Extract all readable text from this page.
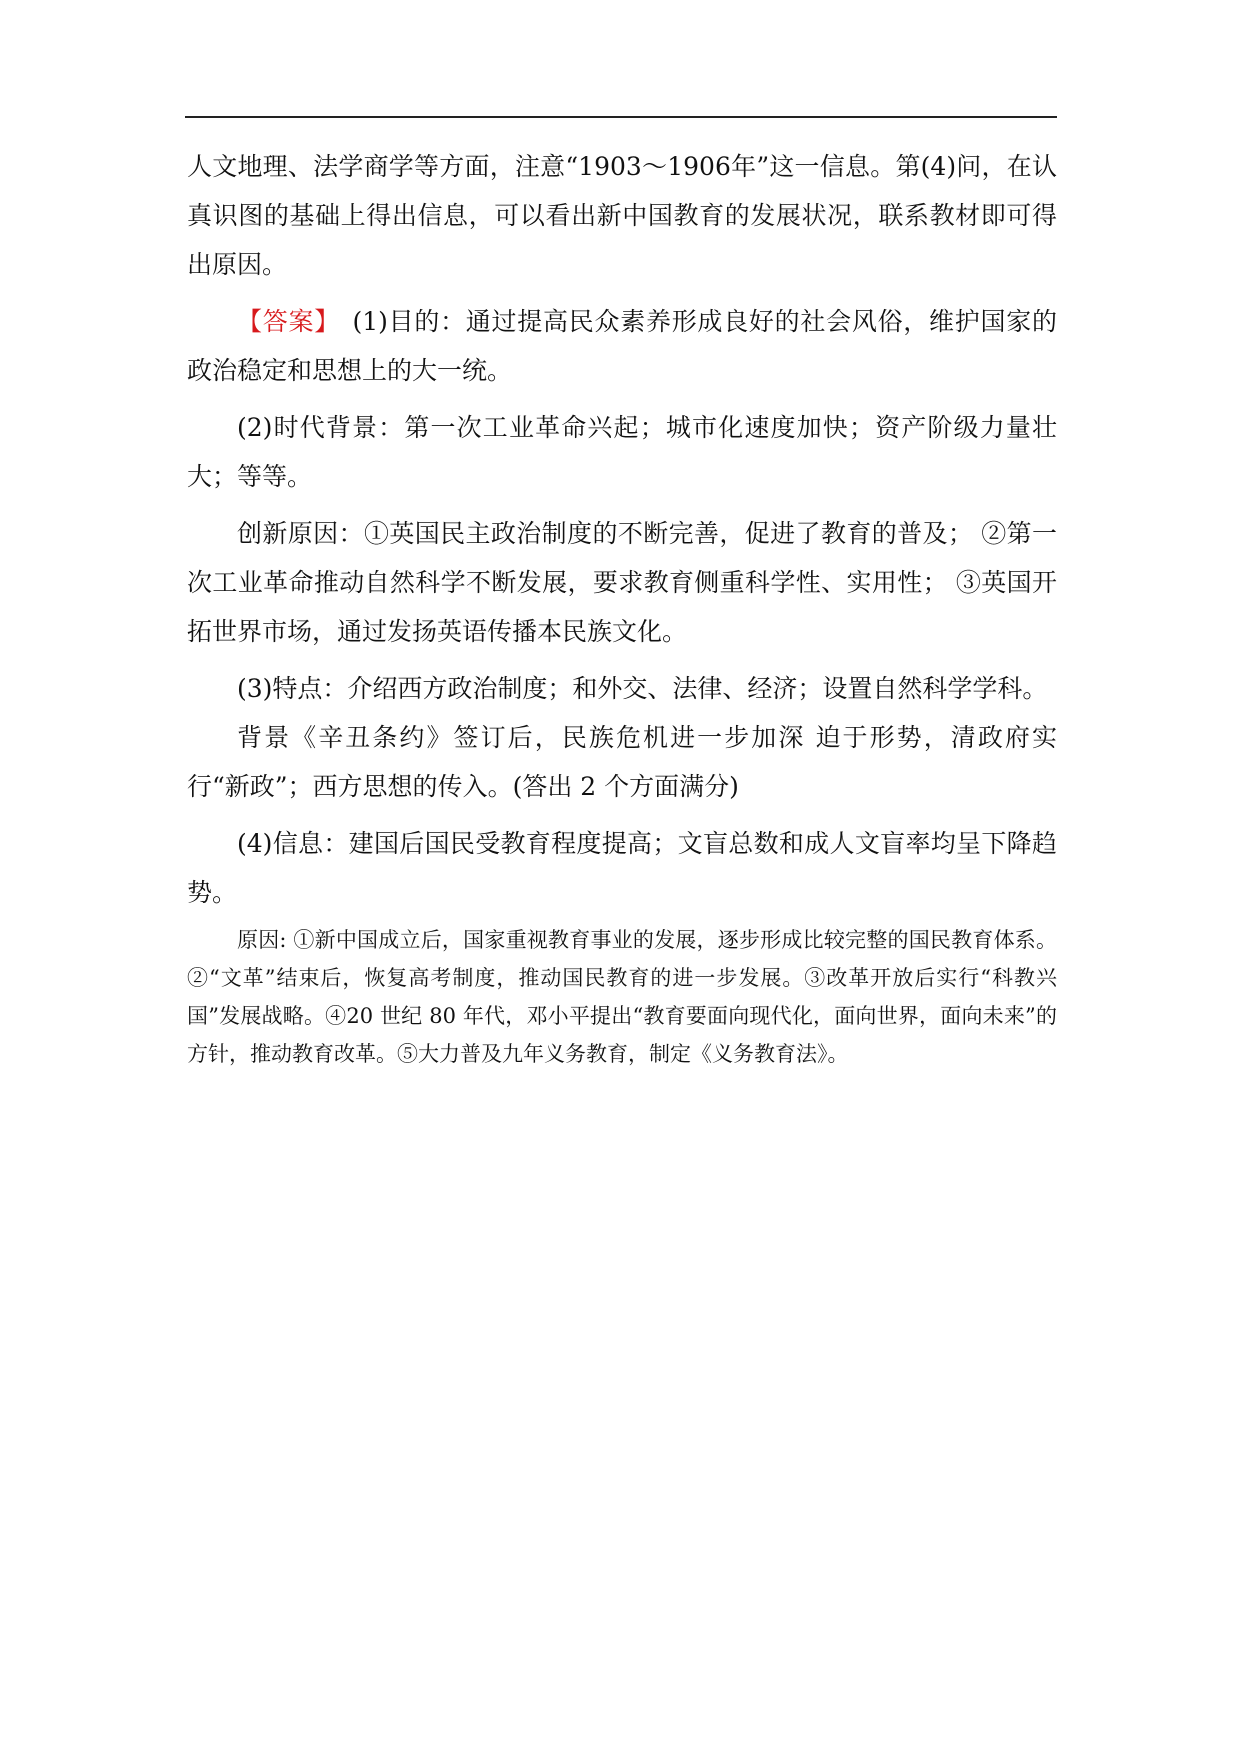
人文地理、法学商学等方面，注意“1903～1906年”这一信息。第(4)问，在认真识图的基础上得出信息，可以看出新中国教育的发展状况，联系教材即可得出原因。

【答案】  (1)目的：通过提高民众素养形成良好的社会风俗，维护国家的政治稳定和思想上的大一统。

(2)时代背景：第一次工业革命兴起；城市化速度加快；资产阶级力量壮大；等等。

创新原因：①英国民主政治制度的不断完善，促进了教育的普及； ②第一次工业革命推动自然科学不断发展，要求教育侧重科学性、实用性； ③英国开拓世界市场，通过发扬英语传播本民族文化。

(3)特点：介绍西方政治制度；和外交、法律、经济；设置自然科学学科。

背景《辛丑条约》签订后，民族危机进一步加深 迫于形势，清政府实行“新政”；西方思想的传入。(答出 2 个方面满分)

(4)信息：建国后国民受教育程度提高；文盲总数和成人文盲率均呈下降趋势。

原因: ①新中国成立后，国家重视教育事业的发展，逐步形成比较完整的国民教育体系。②“文革”结束后，恢复高考制度，推动国民教育的进一步发展。③改革开放后实行“科教兴国”发展战略。④20 世纪 80 年代，邓小平提出“教育要面向现代化，面向世界，面向未来”的方针，推动教育改革。⑤大力普及九年义务教育，制定《义务教育法》。
